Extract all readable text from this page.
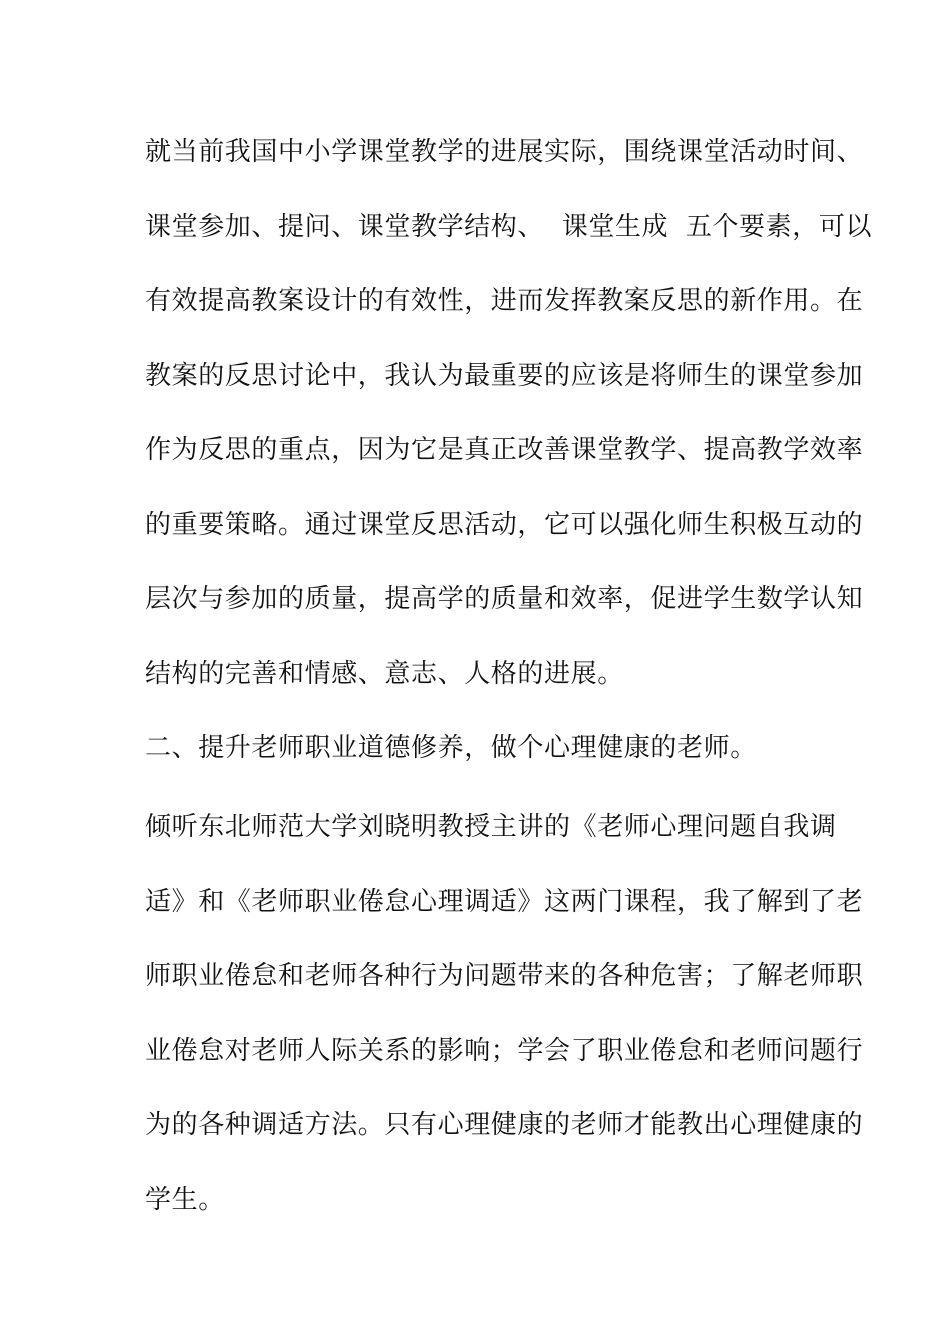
就当前我国中小学课堂教学的进展实际，围绕课堂活动时间、
课堂参加、提问、课堂教学结构、  课堂生成  五个要素，可以
有效提高教案设计的有效性，进而发挥教案反思的新作用。在
教案的反思讨论中，我认为最重要的应该是将师生的课堂参加
作为反思的重点，因为它是真正改善课堂教学、提高教学效率
的重要策略。通过课堂反思活动，它可以强化师生积极互动的
层次与参加的质量，提高学的质量和效率，促进学生数学认知
结构的完善和情感、意志、人格的进展。
二、提升老师职业道德修养，做个心理健康的老师。
倾听东北师范大学刘晓明教授主讲的《老师心理问题自我调
适》和《老师职业倦怠心理调适》这两门课程，我了解到了老
师职业倦怠和老师各种行为问题带来的各种危害；了解老师职
业倦怠对老师人际关系的影响；学会了职业倦怠和老师问题行
为的各种调适方法。只有心理健康的老师才能教出心理健康的
学生。
